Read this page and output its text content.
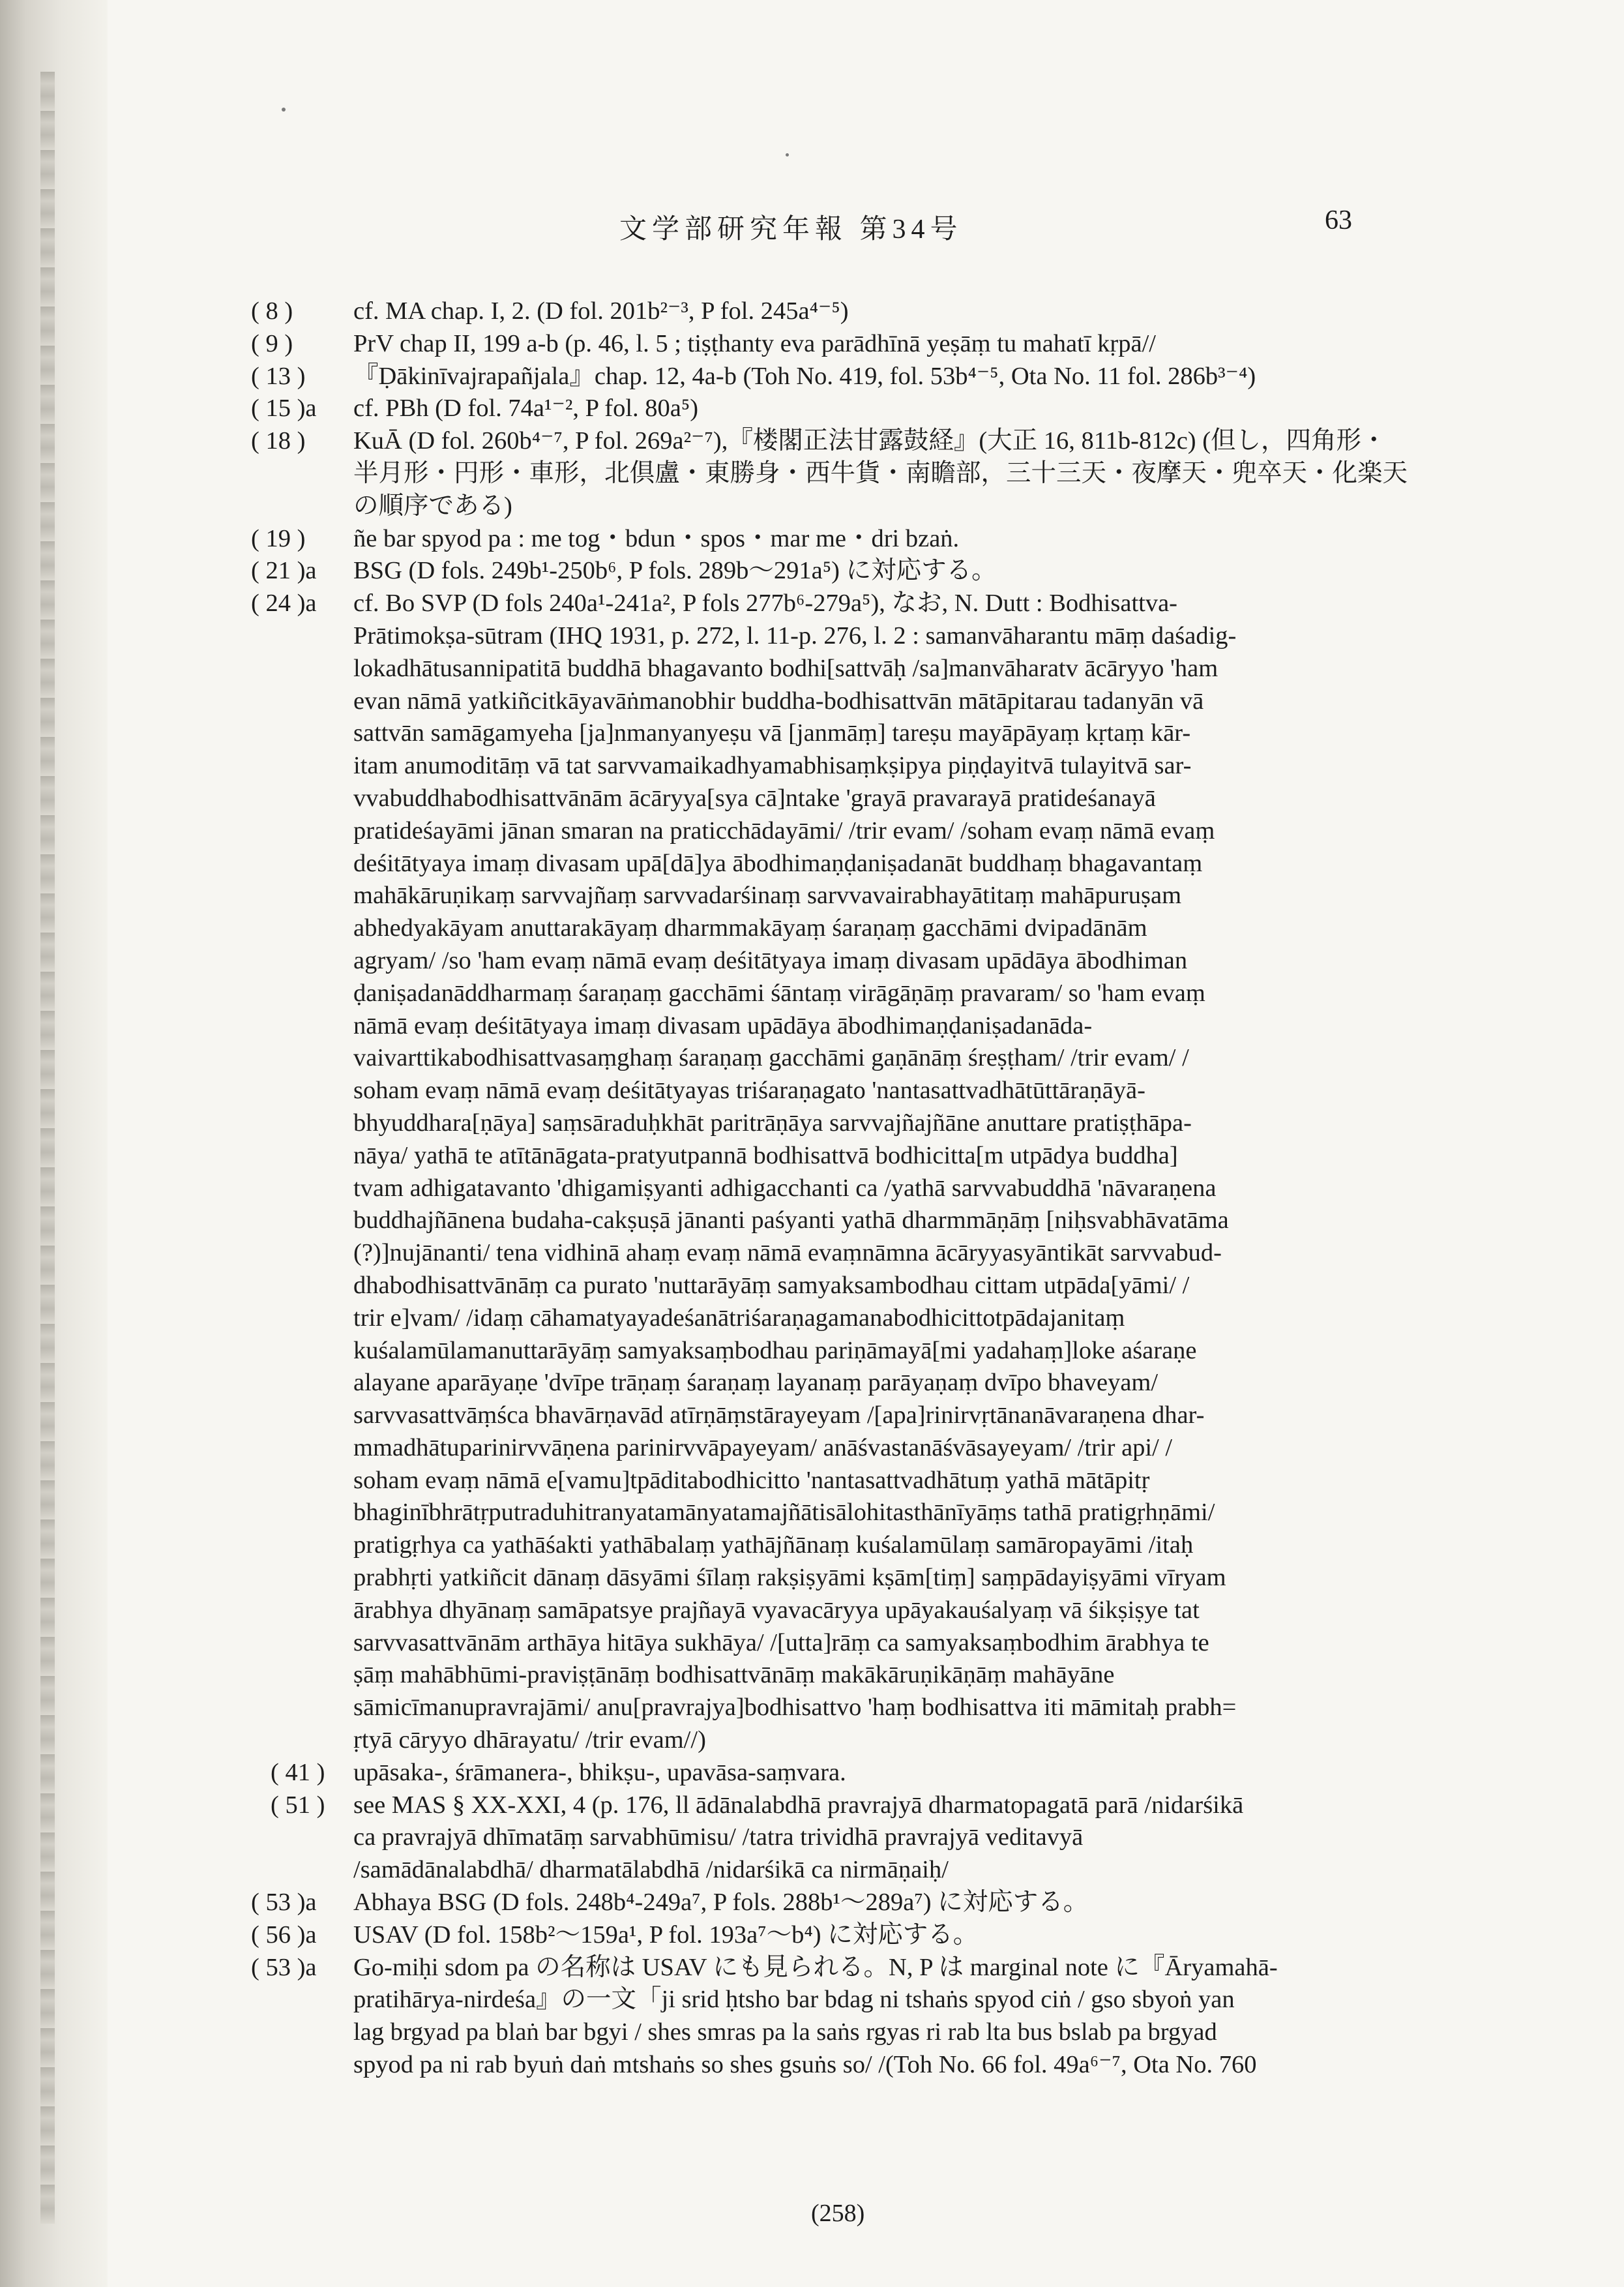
文学部研究年報 第34号	63
( 8 )	cf. MA chap. I, 2. (D fol. 201b²⁻³, P fol. 245a⁴⁻⁵)
( 9 )	PrV chap II, 199 a-b (p. 46, l. 5 ; tiṣṭhanty eva parādhīnā yeṣāṃ tu mahatī kṛpā//
( 13 )	『Ḍākinīvajrapañjala』chap. 12, 4a-b (Toh No. 419, fol. 53b⁴⁻⁵, Ota No. 11 fol. 286b³⁻⁴)
( 15 )a	cf. PBh (D fol. 74a¹⁻², P fol. 80a⁵)
( 18 )	KuĀ (D fol. 260b⁴⁻⁷, P fol. 269a²⁻⁷),『楼閣正法甘露鼓経』(大正 16, 811b-812c) (但し，四角形・
半月形・円形・車形，北倶盧・東勝身・西牛貨・南瞻部，三十三天・夜摩天・兜卒天・化楽天
の順序である)
( 19 )	ñe bar spyod pa : me tog・bdun・spos・mar me・dri bzaṅ.
( 21 )a	BSG (D fols. 249b¹-250b⁶, P fols. 289b～291a⁵) に対応する。
( 24 )a	cf. Bo SVP (D fols 240a¹-241a², P fols 277b⁶-279a⁵), なお, N. Dutt : Bodhisattva-
Prātimokṣa-sūtram (IHQ 1931, p. 272, l. 11-p. 276, l. 2 : samanvāharantu māṃ daśadig-
lokadhātusannipatitā buddhā bhagavanto bodhi[sattvāḥ /sa]manvāharatv ācāryyo 'ham
evan nāmā yatkiñcitkāyavāṅmanobhir buddha-bodhisattvān mātāpitarau tadanyān vā
sattvān samāgamyeha [ja]nmanyanyeṣu vā [janmāṃ] tareṣu mayāpāyaṃ kṛtaṃ kār-
itam anumoditāṃ vā tat sarvvamaikadhyamabhisaṃkṣipya piṇḍayitvā tulayitvā sar-
vvabuddhabodhisattvānām ācāryya[sya cā]ntake 'grayā pravarayā pratideśanayā
pratideśayāmi jānan smaran na praticchādayāmi/ /trir evam/ /soham evaṃ nāmā evaṃ
deśitātyaya imaṃ divasam upā[dā]ya ābodhimaṇḍaniṣadanāt buddhaṃ bhagavantaṃ
mahākāruṇikaṃ sarvvajñaṃ sarvvadarśinaṃ sarvvavairabhayātitaṃ mahāpuruṣam
abhedyakāyam anuttarakāyaṃ dharmmakāyaṃ śaraṇaṃ gacchāmi dvipadānām
agryam/ /so 'ham evaṃ nāmā evaṃ deśitātyaya imaṃ divasam upādāya ābodhiman
ḍaniṣadanāddharmaṃ śaraṇaṃ gacchāmi śāntaṃ virāgāṇāṃ pravaram/ so 'ham evaṃ
nāmā evaṃ deśitātyaya imaṃ divasam upādāya ābodhimaṇḍaniṣadanāda-
vaivarttikabodhisattvasaṃghaṃ śaraṇaṃ gacchāmi gaṇānāṃ śreṣṭham/ /trir evam/ /
soham evaṃ nāmā evaṃ deśitātyayas triśaraṇagato 'nantasattvadhātūttāraṇāyā-
bhyuddhara[ṇāya] saṃsāraduḥkhāt paritrāṇāya sarvvajñajñāne anuttare pratiṣṭhāpa-
nāya/ yathā te atītānāgata-pratyutpannā bodhisattvā bodhicitta[m utpādya buddha]
tvam adhigatavanto 'dhigamiṣyanti adhigacchanti ca /yathā sarvvabuddhā 'nāvaraṇena
buddhajñānena budaha-cakṣuṣā jānanti paśyanti yathā dharmmāṇāṃ [niḥsvabhāvatāma
(?)]nujānanti/ tena vidhinā ahaṃ evaṃ nāmā evaṃnāmna ācāryyasyāntikāt sarvvabud-
dhabodhisattvānāṃ ca purato 'nuttarāyāṃ samyaksambodhau cittam utpāda[yāmi/ /
trir e]vam/ /idaṃ cāhamatyayadeśanātriśaraṇagamanabodhicittotpādajanitaṃ
kuśalamūlamanuttarāyāṃ samyaksaṃbodhau pariṇāmayā[mi yadahaṃ]loke aśaraṇe
alayane aparāyaṇe 'dvīpe trāṇaṃ śaraṇaṃ layanaṃ parāyaṇaṃ dvīpo bhaveyam/
sarvvasattvāṃśca bhavārṇavād atīrṇāṃstārayeyam /[apa]rinirvṛtānanāvaraṇena dhar-
mmadhātuparinirvvāṇena parinirvvāpayeyam/ anāśvastanāśvāsayeyam/ /trir api/ /
soham evaṃ nāmā e[vamu]tpāditabodhicitto 'nantasattvadhātuṃ yathā mātāpitṛ
bhaginībhrātṛputraduhitranyatamānyatamajñātisālohitasthānīyāṃs tathā pratigṛhṇāmi/
pratigṛhya ca yathāśakti yathābalaṃ yathājñānaṃ kuśalamūlaṃ samāropayāmi /itaḥ
prabhṛti yatkiñcit dānaṃ dāsyāmi śīlaṃ rakṣiṣyāmi kṣām[tiṃ] saṃpādayiṣyāmi vīryam
ārabhya dhyānaṃ samāpatsye prajñayā vyavacāryya upāyakauśalyaṃ vā śikṣiṣye tat
sarvvasattvānām arthāya hitāya sukhāya/ /[utta]rāṃ ca samyaksaṃbodhim ārabhya te
ṣāṃ mahābhūmi-praviṣṭānāṃ bodhisattvānāṃ makākāruṇikāṇāṃ mahāyāne
sāmicīmanupravrajāmi/ anu[pravrajya]bodhisattvo 'haṃ bodhisattva iti māmitaḥ prabh=
ṛtyā cāryyo dhārayatu/ /trir evam//)
( 41 )	upāsaka-, śrāmanera-, bhikṣu-, upavāsa-saṃvara.
( 51 )	see MAS § XX-XXI, 4 (p. 176, ll ādānalabdhā pravrajyā dharmatopagatā parā /nidarśikā
ca pravrajyā dhīmatāṃ sarvabhūmisu/ /tatra trividhā pravrajyā veditavyā
/samādānalabdhā/ dharmatālabdhā /nidarśikā ca nirmāṇaiḥ/
( 53 )a	Abhaya BSG (D fols. 248b⁴-249a⁷, P fols. 288b¹～289a⁷) に対応する。
( 56 )a	USAV (D fol. 158b²～159a¹, P fol. 193a⁷～b⁴) に対応する。
( 53 )a	Go-miḥi sdom pa の名称は USAV にも見られる。N, P は marginal note に『Āryamahā-
pratihārya-nirdeśa』の一文「ji srid ḥtsho bar bdag ni tshaṅs spyod ciṅ / gso sbyoṅ yan
lag brgyad pa blaṅ bar bgyi / shes smras pa la saṅs rgyas ri rab lta bus bslab pa brgyad
spyod pa ni rab byuṅ daṅ mtshaṅs so shes gsuṅs so/ /(Toh No. 66 fol. 49a⁶⁻⁷, Ota No. 760
(258)
